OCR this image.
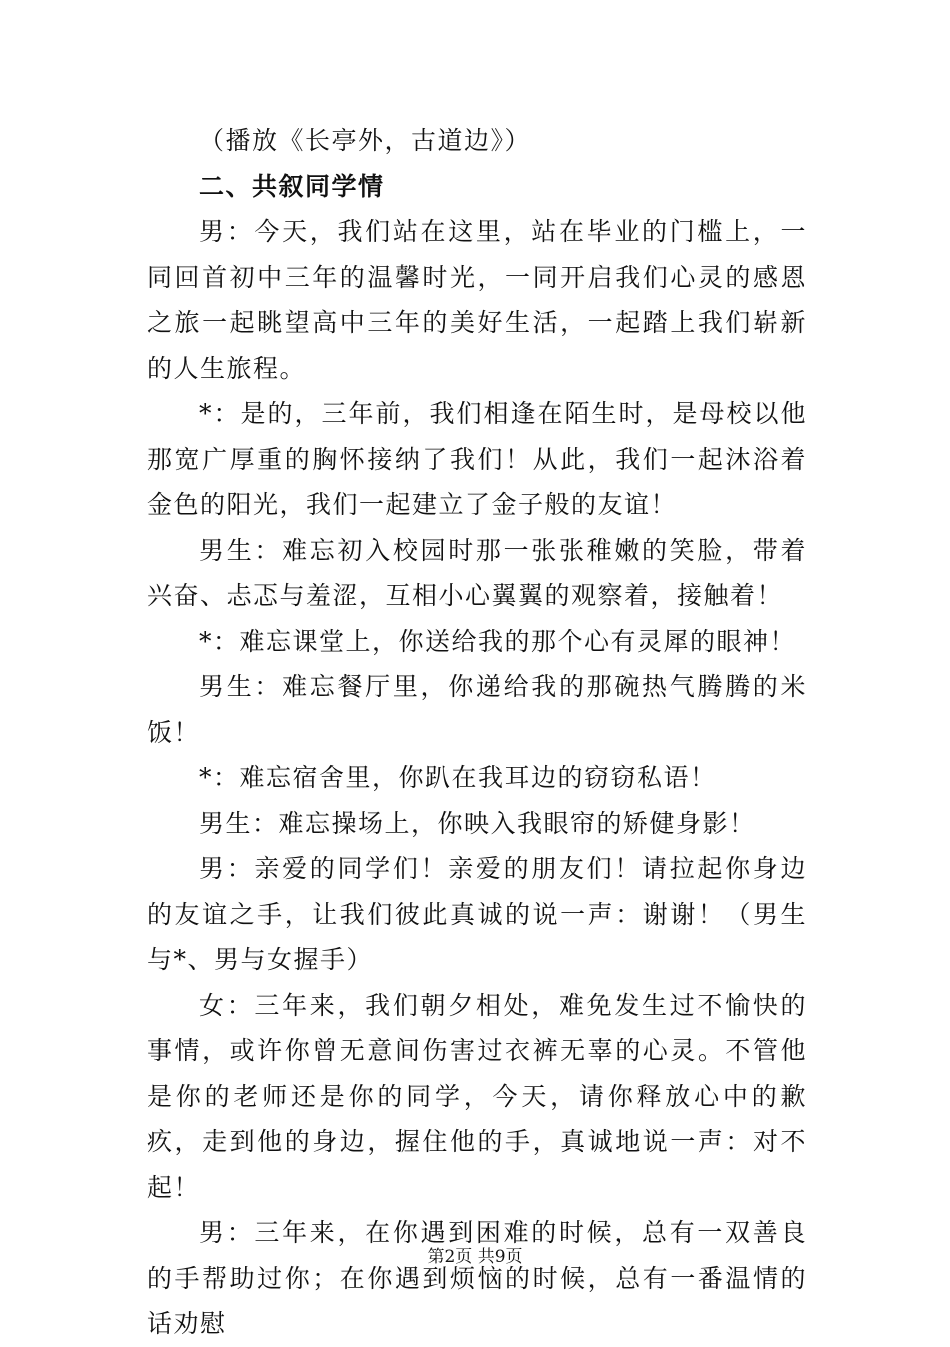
（播放《长亭外，古道边》）

二、共叙同学情

男：今天，我们站在这里，站在毕业的门槛上，一同回首初中三年的温馨时光，一同开启我们心灵的感恩之旅一起眺望高中三年的美好生活，一起踏上我们崭新的人生旅程。

*：是的，三年前，我们相逢在陌生时，是母校以他那宽广厚重的胸怀接纳了我们！从此，我们一起沐浴着金色的阳光，我们一起建立了金子般的友谊！

男生：难忘初入校园时那一张张稚嫩的笑脸，带着兴奋、忐忑与羞涩，互相小心翼翼的观察着，接触着！

*：难忘课堂上，你送给我的那个心有灵犀的眼神！

男生：难忘餐厅里，你递给我的那碗热气腾腾的米饭！

*：难忘宿舍里，你趴在我耳边的窃窃私语！

男生：难忘操场上，你映入我眼帘的矫健身影！

男：亲爱的同学们！亲爱的朋友们！请拉起你身边的友谊之手，让我们彼此真诚的说一声：谢谢！（男生与*、男与女握手）

女：三年来，我们朝夕相处，难免发生过不愉快的事情，或许你曾无意间伤害过衣裤无辜的心灵。不管他是你的老师还是你的同学，今天，请你释放心中的歉疚，走到他的身边，握住他的手，真诚地说一声：对不起！

男：三年来，在你遇到困难的时候，总有一双善良的手帮助过你；在你遇到烦恼的时候，总有一番温情的话劝慰

第2页 共9页
